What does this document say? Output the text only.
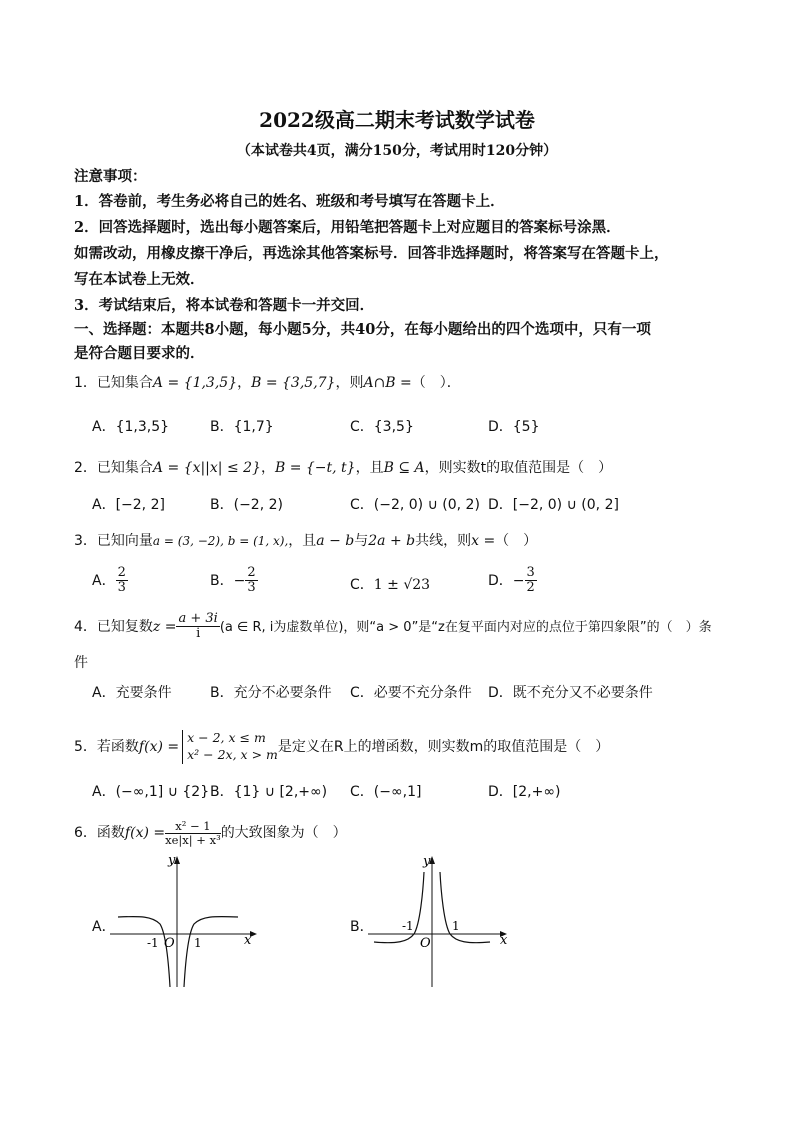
2022级高二期末考试数学试卷
（本试卷共4页，满分150分，考试用时120分钟）
注意事项：
1．答卷前，考生务必将自己的姓名、班级和考号填写在答题卡上．
2．回答选择题时，选出每小题答案后，用铅笔把答题卡上对应题目的答案标号涂黑．
如需改动，用橡皮擦干净后，再选涂其他答案标号．回答非选择题时，将答案写在答题卡上，
写在本试卷上无效．
3．考试结束后，将本试卷和答题卡一并交回．
一、选择题：本题共8小题，每小题5分，共40分，在每小题给出的四个选项中，只有一项
是符合题目要求的．
1．已知集合A = {1,3,5}，B = {3,5,7}，则A∩B =（　）．
A．{1,3,5}	B．{1,7}	C．{3,5}	D．{5}
2．已知集合A = {x||x| ≤ 2}，B = {−t, t}，且B ⊆ A，则实数t的取值范围是（　）
A．[−2, 2]	B．(−2, 2)	C．(−2, 0) ∪ (0, 2) D．[−2, 0) ∪ (0, 2]
3．已知向量a = (3, −2), b = (1, x),，且a − b与2a + b共线，则x =（　）
A． $\frac{2}{3}$	B．− $\frac{2}{3}$	C．1 ± √23	D．− $\frac{3}{2}$
4．已知复数$z = \frac{a + 3i}{i} (a$ ∈ R, i为虚数单位)，则“a > 0”是“z在复平面内对应的点位于第四象限”的（　）条
件
A．充要条件	B．充分不必要条件 C．必要不充分条件 D．既不充分又不必要条件
5．若函数f(x) =
x − 2, x ≤ m
x² − 2x, x > m 是定义在R上的增函数，则实数m的取值范围是（　）
A．(−∞,1] ∪ {2} B．{1} ∪ [2,+∞) C．(−∞,1]	D．[2,+∞)
6．函数$f(x) = \frac{\text{x² − 1}}{\text{xe|x| + x³}}$ 的大致图象为（　）
A．
y
x
O
-1	1
B．
y
x
O
-1	1
